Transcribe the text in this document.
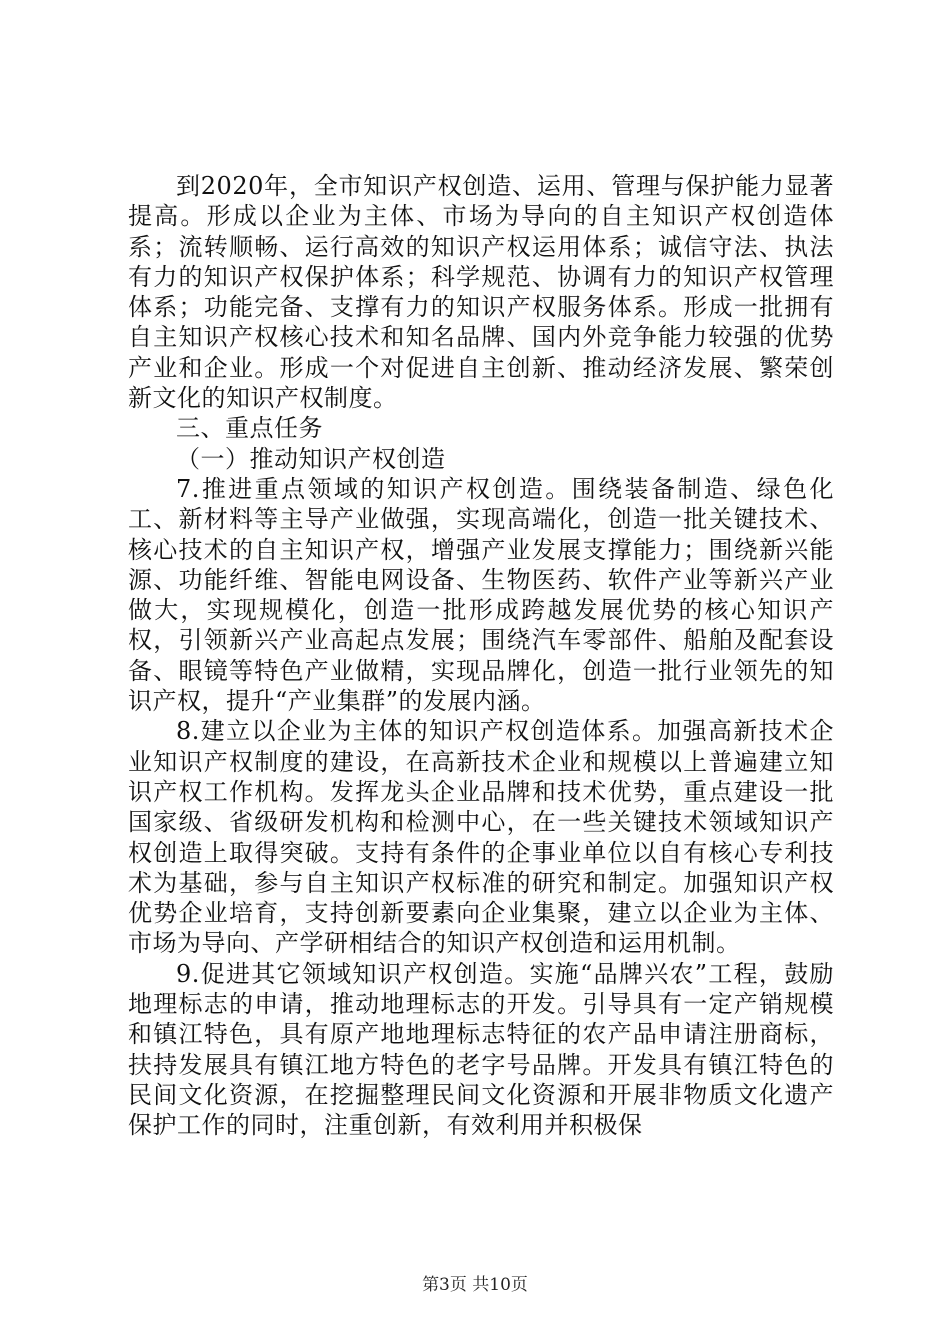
到2020年，全市知识产权创造、运用、管理与保护能力显著提高。形成以企业为主体、市场为导向的自主知识产权创造体系；流转顺畅、运行高效的知识产权运用体系；诚信守法、执法有力的知识产权保护体系；科学规范、协调有力的知识产权管理体系；功能完备、支撑有力的知识产权服务体系。形成一批拥有自主知识产权核心技术和知名品牌、国内外竞争能力较强的优势产业和企业。形成一个对促进自主创新、推动经济发展、繁荣创新文化的知识产权制度。

三、重点任务

（一）推动知识产权创造

7.推进重点领域的知识产权创造。围绕装备制造、绿色化工、新材料等主导产业做强，实现高端化，创造一批关键技术、核心技术的自主知识产权，增强产业发展支撑能力；围绕新兴能源、功能纤维、智能电网设备、生物医药、软件产业等新兴产业做大，实现规模化，创造一批形成跨越发展优势的核心知识产权，引领新兴产业高起点发展；围绕汽车零部件、船舶及配套设备、眼镜等特色产业做精，实现品牌化，创造一批行业领先的知识产权，提升“产业集群”的发展内涵。

8.建立以企业为主体的知识产权创造体系。加强高新技术企业知识产权制度的建设，在高新技术企业和规模以上普遍建立知识产权工作机构。发挥龙头企业品牌和技术优势，重点建设一批国家级、省级研发机构和检测中心，在一些关键技术领域知识产权创造上取得突破。支持有条件的企事业单位以自有核心专利技术为基础，参与自主知识产权标准的研究和制定。加强知识产权优势企业培育，支持创新要素向企业集聚，建立以企业为主体、市场为导向、产学研相结合的知识产权创造和运用机制。

9.促进其它领域知识产权创造。实施“品牌兴农”工程，鼓励地理标志的申请，推动地理标志的开发。引导具有一定产销规模和镇江特色，具有原产地地理标志特征的农产品申请注册商标，扶持发展具有镇江地方特色的老字号品牌。开发具有镇江特色的民间文化资源，在挖掘整理民间文化资源和开展非物质文化遗产保护工作的同时，注重创新，有效利用并积极保

第3页 共10页
